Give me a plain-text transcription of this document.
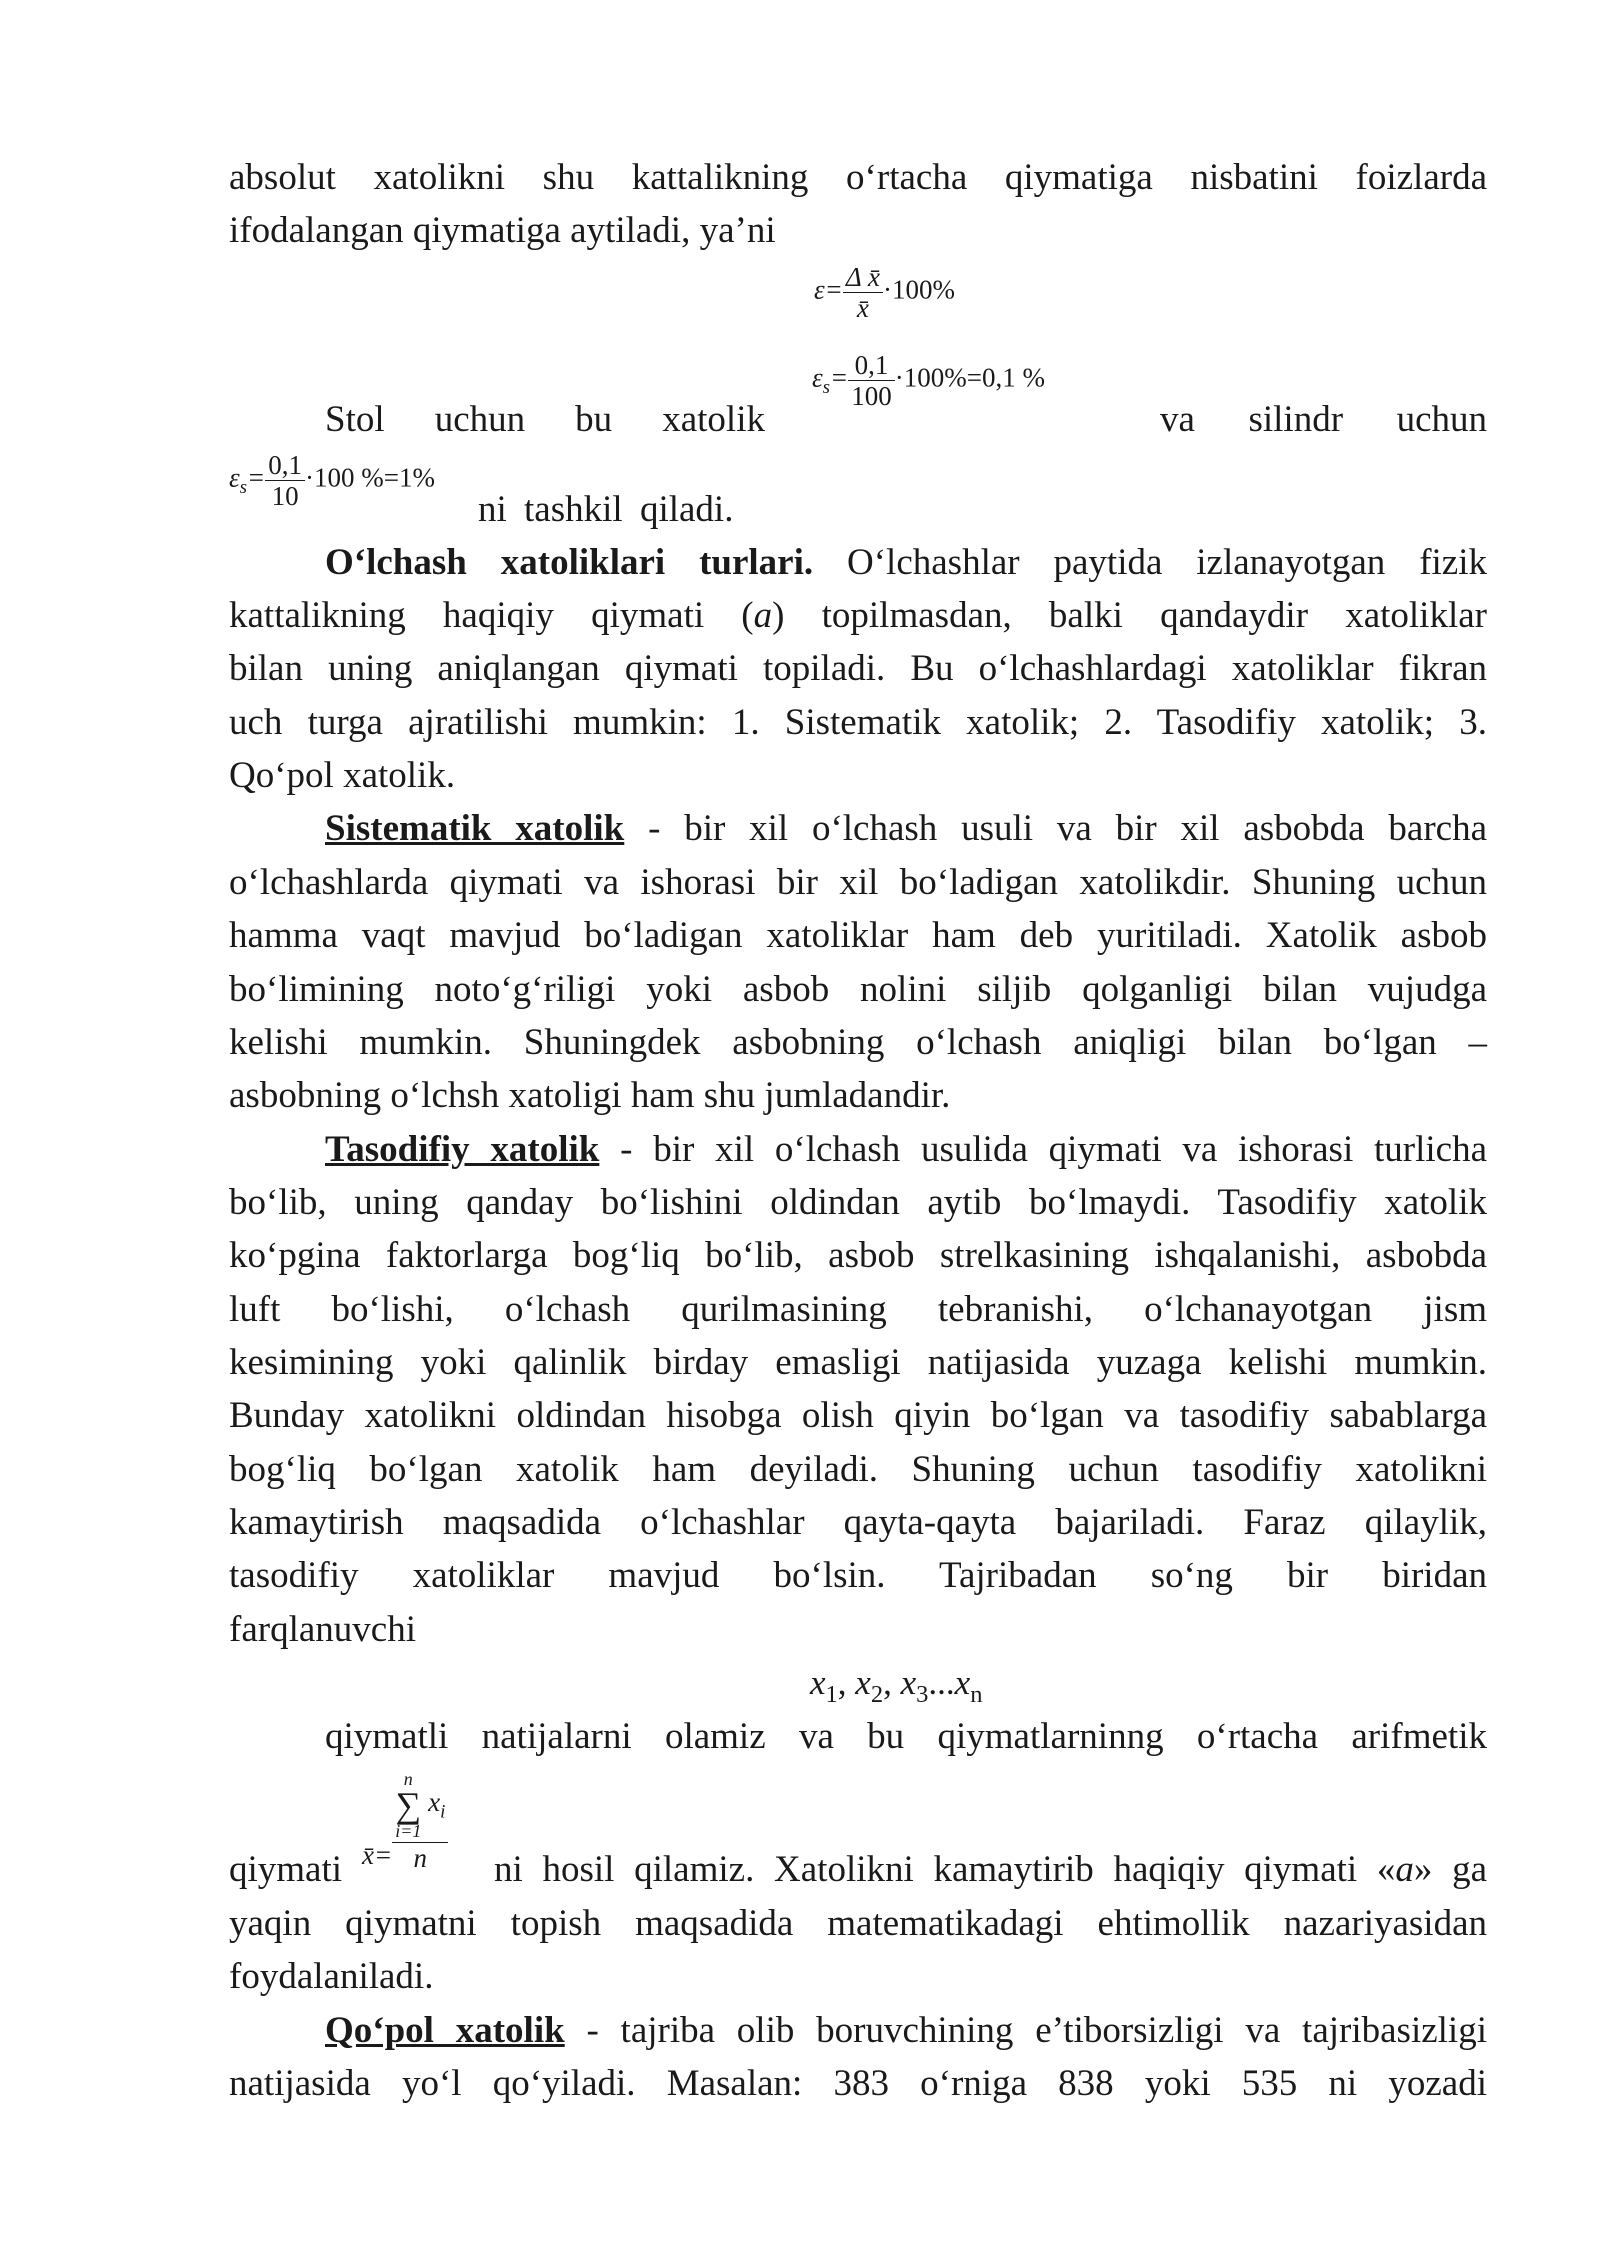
absolut xatolikni shu kattalikning o‘rtacha qiymatiga nisbatini foizlarda
ifodalangan qiymatiga aytiladi, ya’ni
$\varepsilon= \frac{\text{Δ x̄}}{x̄} \cdot 100\%$
$\varepsilon_s= \frac{0,1}{100} \cdot 100\%=0,1$ %
Stol uchun bu xatolik	va silindr uchun
$\varepsilon_s= \frac{0,1}{10} \cdot 100$ %=1%
ni tashkil qiladi.
O‘lchash xatoliklari turlari. O‘lchashlar paytida izlanayotgan fizik
kattalikning haqiqiy qiymati (a) topilmasdan, balki qandaydir xatoliklar
bilan uning aniqlangan qiymati topiladi. Bu o‘lchashlardagi xatoliklar fikran
uch turga ajratilishi mumkin: 1. Sistematik xatolik; 2. Tasodifiy xatolik; 3.
Qo‘pol xatolik.
Sistematik xatolik - bir xil o‘lchash usuli va bir xil asbobda barcha
o‘lchashlarda qiymati va ishorasi bir xil bo‘ladigan xatolikdir. Shuning uchun
hamma vaqt mavjud bo‘ladigan xatoliklar ham deb yuritiladi. Xatolik asbob
bo‘limining noto‘g‘riligi yoki asbob nolini siljib qolganligi bilan vujudga
kelishi mumkin. Shuningdek asbobning o‘lchash aniqligi bilan bo‘lgan –
asbobning o‘lchsh xatoligi ham shu jumladandir.
Tasodifiy xatolik - bir xil o‘lchash usulida qiymati va ishorasi turlicha
bo‘lib, uning qanday bo‘lishini oldindan aytib bo‘lmaydi. Tasodifiy xatolik
ko‘pgina faktorlarga bog‘liq bo‘lib, asbob strelkasining ishqalanishi, asbobda
luft bo‘lishi, o‘lchash qurilmasining tebranishi, o‘lchanayotgan jism
kesimining yoki qalinlik birday emasligi natijasida yuzaga kelishi mumkin.
Bunday xatolikni oldindan hisobga olish qiyin bo‘lgan va tasodifiy sabablarga
bog‘liq bo‘lgan xatolik ham deyiladi. Shuning uchun tasodifiy xatolikni
kamaytirish maqsadida o‘lchashlar qayta-qayta bajariladi. Faraz qilaylik,
tasodifiy xatoliklar mavjud bo‘lsin. Tajribadan so‘ng bir biridan
farqlanuvchi
$x_1$, $x_2$, $x_3...x_n$
qiymatli natijalarni olamiz va bu qiymatlarninng o‘rtacha arifmetik
x̄= n
∑
i=1
$x_i$
n
qiymati	ni hosil qilamiz. Xatolikni kamaytirib haqiqiy qiymati «a» ga
yaqin qiymatni topish maqsadida matematikadagi ehtimollik nazariyasidan
foydalaniladi.
Qo‘pol xatolik - tajriba olib boruvchining e’tiborsizligi va tajribasizligi
natijasida yo‘l qo‘yiladi. Masalan: 383 o‘rniga 838 yoki 535 ni yozadi
